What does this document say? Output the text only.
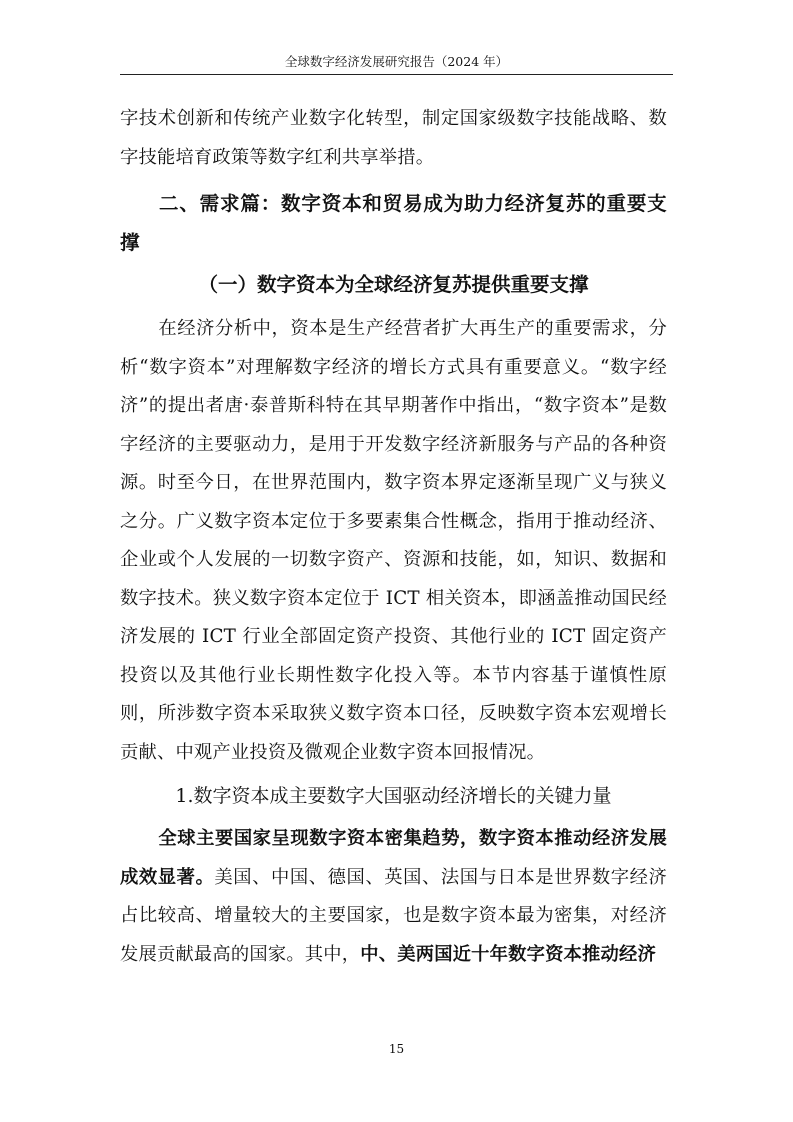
全球数字经济发展研究报告（2024 年）

字技术创新和传统产业数字化转型，制定国家级数字技能战略、数字技能培育政策等数字红利共享举措。

二、需求篇：数字资本和贸易成为助力经济复苏的重要支撑
（一）数字资本为全球经济复苏提供重要支撑

在经济分析中，资本是生产经营者扩大再生产的重要需求，分析“数字资本”对理解数字经济的增长方式具有重要意义。“数字经济”的提出者唐·泰普斯科特在其早期著作中指出，“数字资本”是数字经济的主要驱动力，是用于开发数字经济新服务与产品的各种资源。时至今日，在世界范围内，数字资本界定逐渐呈现广义与狭义之分。广义数字资本定位于多要素集合性概念，指用于推动经济、企业或个人发展的一切数字资产、资源和技能，如，知识、数据和数字技术。狭义数字资本定位于 ICT 相关资本，即涵盖推动国民经济发展的 ICT 行业全部固定资产投资、其他行业的 ICT 固定资产投资以及其他行业长期性数字化投入等。本节内容基于谨慎性原则，所涉数字资本采取狭义数字资本口径，反映数字资本宏观增长贡献、中观产业投资及微观企业数字资本回报情况。

1.数字资本成主要数字大国驱动经济增长的关键力量

全球主要国家呈现数字资本密集趋势，数字资本推动经济发展成效显著。美国、中国、德国、英国、法国与日本是世界数字经济占比较高、增量较大的主要国家，也是数字资本最为密集，对经济发展贡献最高的国家。其中，中、美两国近十年数字资本推动经济

15
